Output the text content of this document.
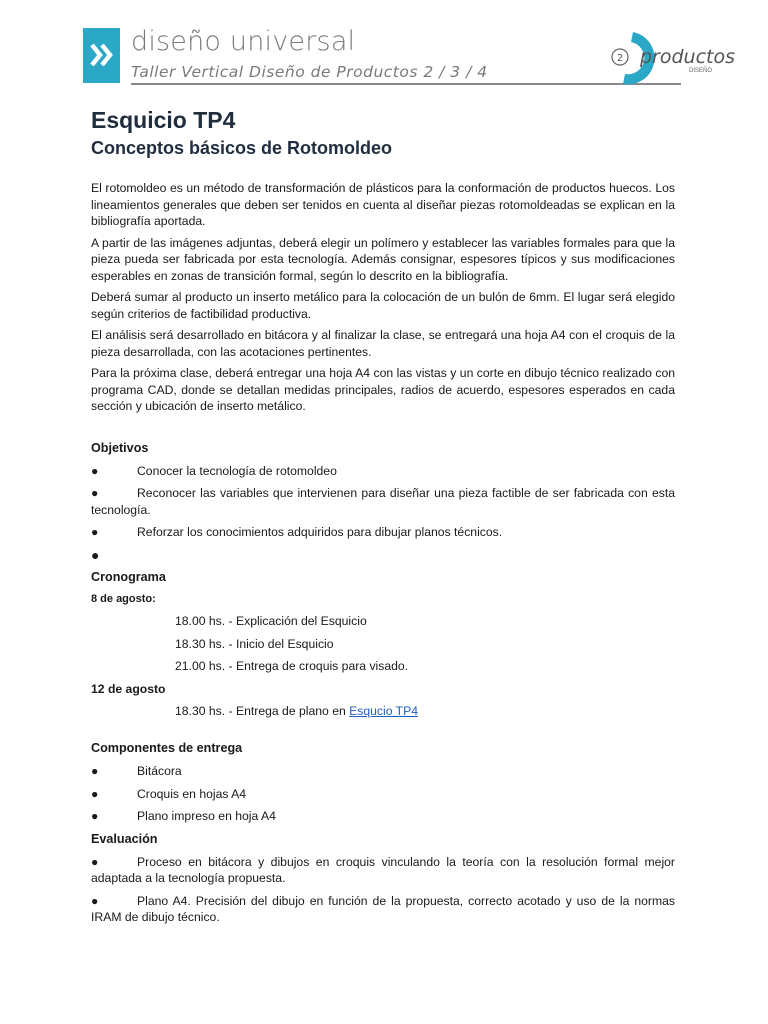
diseño universal
Taller Vertical Diseño de Productos 2 / 3 / 4
2 productos
DISEÑO
Esquicio TP4
Conceptos básicos de Rotomoldeo

El rotomoldeo es un método de transformación de plásticos para la conformación de productos huecos. Los lineamientos generales que deben ser tenidos en cuenta al diseñar piezas rotomoldeadas se explican en la bibliografía aportada.

A partir de las imágenes adjuntas, deberá elegir un polímero y establecer las variables formales para que la pieza pueda ser fabricada por esta tecnología. Además consignar, espesores típicos y sus modificaciones esperables en zonas de transición formal, según lo descrito en la bibliografía.

Deberá sumar al producto un inserto metálico para la colocación de un bulón de 6mm. El lugar será elegido según criterios de factibilidad productiva.

El análisis será desarrollado en bitácora y al finalizar la clase, se entregará una hoja A4 con el croquis de la pieza desarrollada, con las acotaciones pertinentes.

Para la próxima clase, deberá entregar una hoja A4 con las vistas y un corte en dibujo técnico realizado con programa CAD, donde se detallan medidas principales, radios de acuerdo, espesores esperados en cada sección y ubicación de inserto metálico.

Objetivos

●	Conocer la tecnología de rotomoldeo
●	Reconocer las variables que intervienen para diseñar una pieza factible de ser fabricada con esta tecnología.
●	Reforzar los conocimientos adquiridos para dibujar planos técnicos.
●

Cronograma

8 de agosto:

18.00 hs. - Explicación del Esquicio

18.30 hs. - Inicio del Esquicio

21.00 hs. - Entrega de croquis para visado.

12 de agosto

18.30 hs. - Entrega de plano en Esqucio TP4

Componentes de entrega

●	Bitácora
●	Croquis en hojas A4
●	Plano impreso en hoja A4

Evaluación

●	Proceso en bitácora y dibujos en croquis vinculando la teoría con la resolución formal mejor adaptada a la tecnología propuesta.
●	Plano A4. Precisión del dibujo en función de la propuesta, correcto acotado y uso de la normas IRAM de dibujo técnico.
